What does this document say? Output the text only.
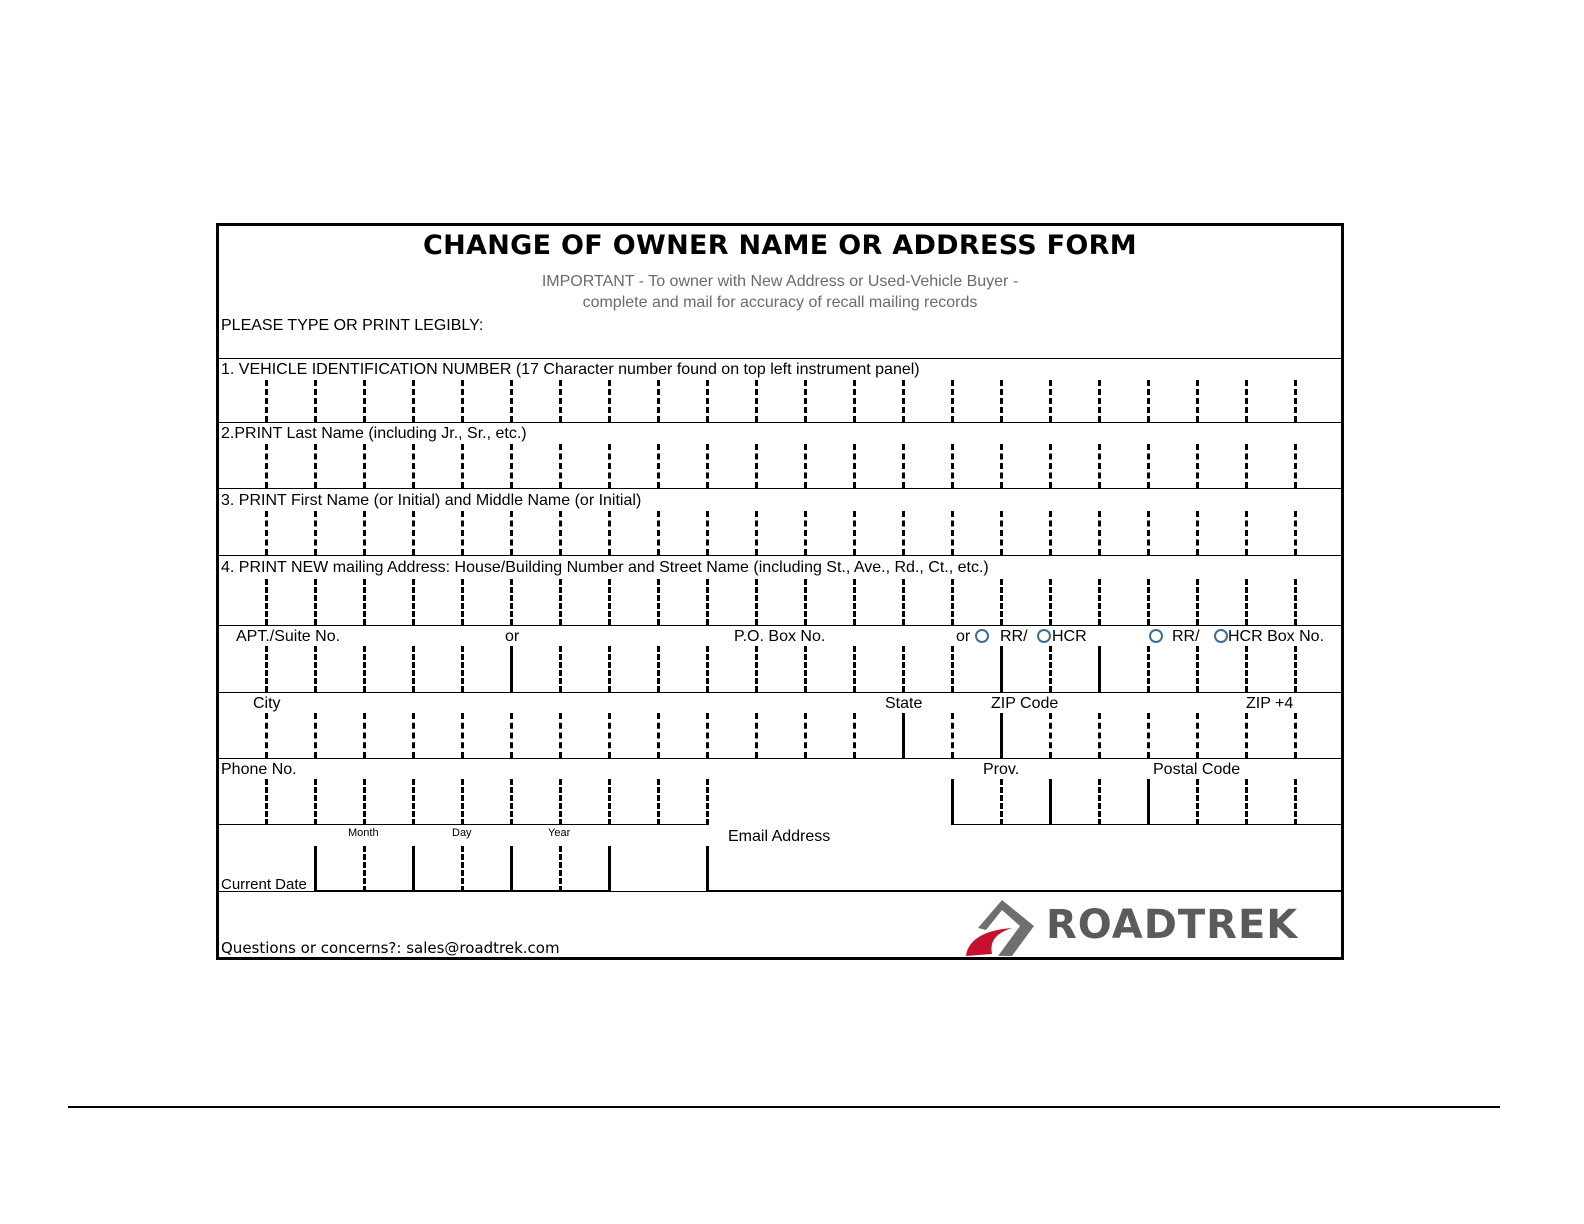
CHANGE OF OWNER NAME OR ADDRESS FORM
IMPORTANT - To owner with New Address or Used-Vehicle Buyer -
complete and mail for accuracy of recall mailing records
PLEASE TYPE OR PRINT LEGIBLY:
1. VEHICLE IDENTIFICATION NUMBER (17 Character number found on top left instrument panel)
2.PRINT Last Name (including Jr., Sr., etc.)
3. PRINT First Name (or Initial) and Middle Name (or Initial)
4. PRINT NEW mailing Address: House/Building Number and Street Name (including St., Ave., Rd., Ct., etc.)
APT./Suite No.	or	P.O. Box No.	or RR/ HCR	RR/ HCR Box No.
City	State	ZIP Code	ZIP +4
Phone No.	Prov.	Postal Code
Month	Day	Year	Email Address
Current Date
Questions or concerns?: sales@roadtrek.com	ROADTREK
